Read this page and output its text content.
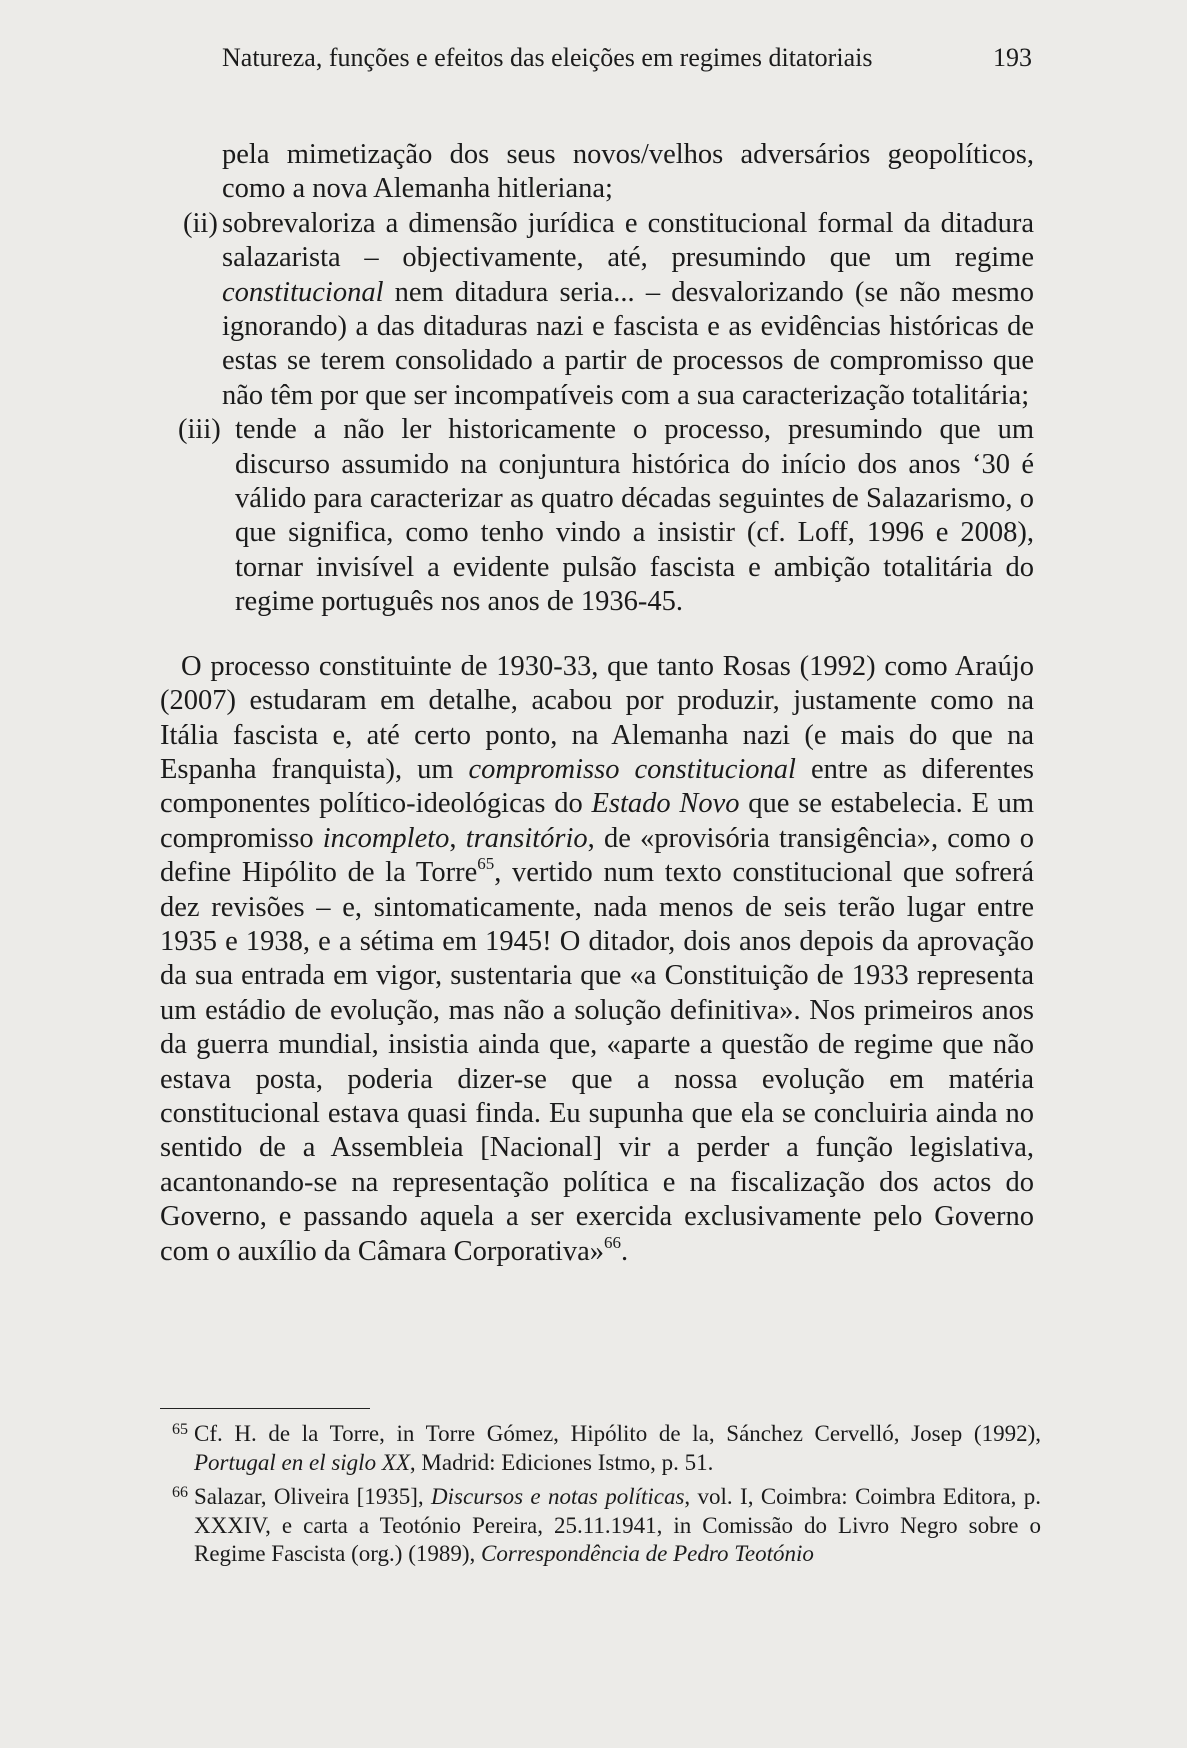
Natureza, funções e efeitos das eleições em regimes ditatoriais	193
pela mimetização dos seus novos/velhos adversários geopolíticos, como a nova Alemanha hitleriana;
(ii) sobrevaloriza a dimensão jurídica e constitucional formal da ditadura salazarista – objectivamente, até, presumindo que um regime constitucional nem ditadura seria... – desvalorizando (se não mesmo ignorando) a das ditaduras nazi e fascista e as evidências históricas de estas se terem consolidado a partir de processos de compromisso que não têm por que ser incompatíveis com a sua caracterização totalitária;
(iii) tende a não ler historicamente o processo, presumindo que um discurso assumido na conjuntura histórica do início dos anos ‘30 é válido para caracterizar as quatro décadas seguintes de Salazarismo, o que significa, como tenho vindo a insistir (cf. Loff, 1996 e 2008), tornar invisível a evidente pulsão fascista e ambição totalitária do regime português nos anos de 1936-45.

O processo constituinte de 1930-33, que tanto Rosas (1992) como Araújo (2007) estudaram em detalhe, acabou por produzir, justamente como na Itália fascista e, até certo ponto, na Alemanha nazi (e mais do que na Espanha franquista), um compromisso constitucional entre as diferentes componentes político-ideológicas do Estado Novo que se estabelecia. E um compromisso incompleto, transitório, de «provisória transigência», como o define Hipólito de la Torre$^{65}$, vertido num texto constitucional que sofrerá dez revisões – e, sintomaticamente, nada menos de seis terão lugar entre 1935 e 1938, e a sétima em 1945! O ditador, dois anos depois da aprovação da sua entrada em vigor, sustentaria que «a Constituição de 1933 representa um estádio de evolução, mas não a solução definitiva». Nos primeiros anos da guerra mundial, insistia ainda que, «aparte a questão de regime que não estava posta, poderia dizer-se que a nossa evolução em matéria constitucional estava quasi finda. Eu supunha que ela se concluiria ainda no sentido de a Assembleia [Nacional] vir a perder a função legislativa, acantonando-se na representação política e na fiscalização dos actos do Governo, e passando aquela a ser exercida exclusivamente pelo Governo com o auxílio da Câmara Corporativa»$^{66}$.

65 Cf. H. de la Torre, in Torre Gómez, Hipólito de la, Sánchez Cervelló, Josep (1992), Portugal en el siglo XX, Madrid: Ediciones Istmo, p. 51.
66 Salazar, Oliveira [1935], Discursos e notas políticas, vol. I, Coimbra: Coimbra Editora, p. XXXIV, e carta a Teotónio Pereira, 25.11.1941, in Comissão do Livro Negro sobre o Regime Fascista (org.) (1989), Correspondência de Pedro Teotónio
